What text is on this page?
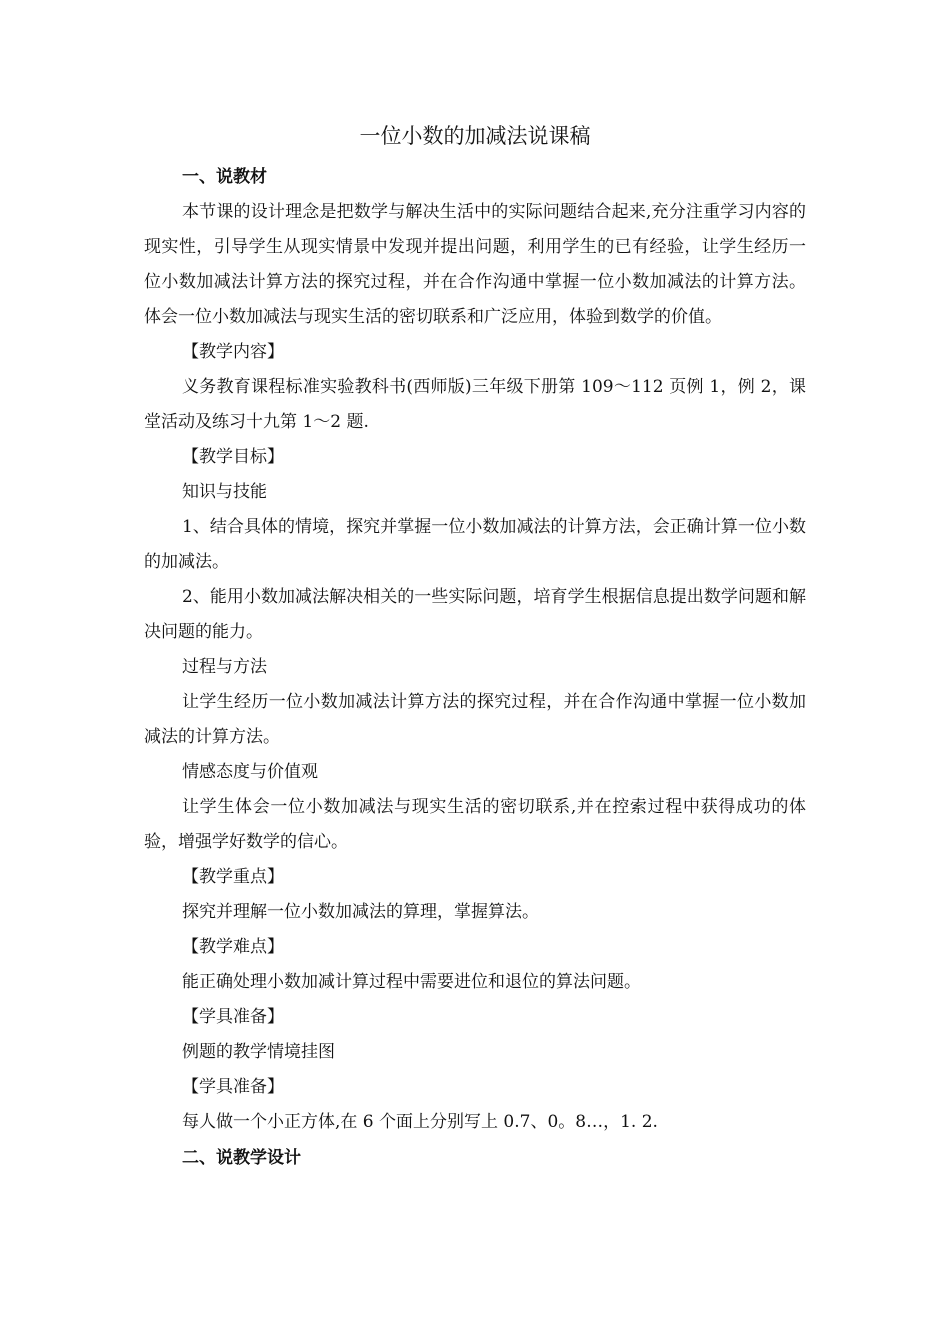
一位小数的加减法说课稿

一、说教材

本节课的设计理念是把数学与解决生活中的实际问题结合起来,充分注重学习内容的现实性，引导学生从现实情景中发现并提出问题，利用学生的已有经验，让学生经历一位小数加减法计算方法的探究过程，并在合作沟通中掌握一位小数加减法的计算方法。体会一位小数加减法与现实生活的密切联系和广泛应用，体验到数学的价值。

【教学内容】

义务教育课程标准实验教科书(西师版)三年级下册第 109～112 页例 1，例 2，课堂活动及练习十九第 1～2 题.

【教学目标】

知识与技能

1、结合具体的情境，探究并掌握一位小数加减法的计算方法，会正确计算一位小数的加减法。

2、能用小数加减法解决相关的一些实际问题，培育学生根据信息提出数学问题和解决问题的能力。

过程与方法

让学生经历一位小数加减法计算方法的探究过程，并在合作沟通中掌握一位小数加减法的计算方法。

情感态度与价值观

让学生体会一位小数加减法与现实生活的密切联系,并在控索过程中获得成功的体验，增强学好数学的信心。

【教学重点】

探究并理解一位小数加减法的算理，掌握算法。

【教学难点】

能正确处理小数加减计算过程中需要进位和退位的算法问题。

【学具准备】

例题的教学情境挂图

【学具准备】

每人做一个小正方体,在 6 个面上分别写上 0.7、0。8…，1. 2.

二、说教学设计
